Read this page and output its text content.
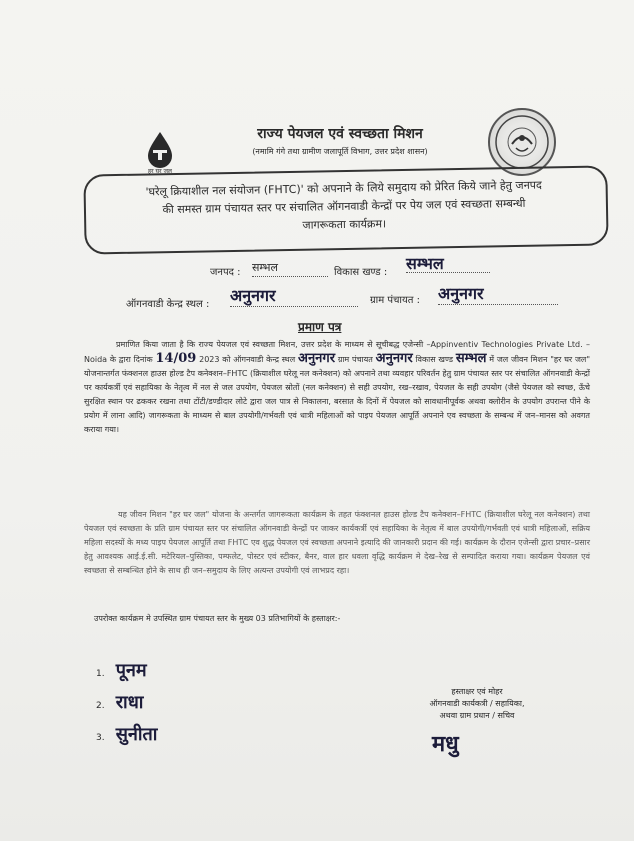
हर घर जल
राज्य पेयजल एवं स्वच्छता मिशन
(नमामि गंगे तथा ग्रामीण जलापूर्ति विभाग, उत्तर प्रदेश शासन)
'घरेलू क्रियाशील नल संयोजन (FHTC)' को अपनाने के लिये समुदाय को प्रेरित किये जाने हेतु जनपद
की समस्त ग्राम पंचायत स्तर पर संचालित ऑगनवाडी केन्द्रों पर पेय जल एवं स्वच्छता सम्बन्धी
जागरूकता कार्यक्रम।
जनपद : सम्भल	विकास खण्ड : सम्भल
ऑगनवाडी केन्द्र स्थल : अनुनगर	ग्राम पंचायत : अनुनगर
प्रमाण पत्र
प्रमाणित किया जाता है कि राज्य पेयजल एवं स्वच्छता मिशन, उत्तर प्रदेश के माध्यम से सूचीबद्ध एजेन्सी –Appinventiv Technologies Private Ltd. – Noida के द्वारा दिनांक 14/09 2023 को ऑगनवाडी केन्द्र स्थल अनुनगर ग्राम पंचायत अनुनगर विकास खण्ड सम्भल में जल जीवन मिशन "हर घर जल" योजनान्तर्गत फंक्शनल हाउस होल्ड टैप कनेक्शन–FHTC (क्रियाशील घरेलू नल कनेक्शन) को अपनाने तथा व्यवहार परिवर्तन हेतु ग्राम पंचायत स्तर पर संचालित ऑगनवाडी केन्द्रों पर कार्यकर्त्री एवं सहायिका के नेतृत्व में नल से जल उपयोग, पेयजल स्रोतों (नल कनेक्शन) से सही उपयोग, रख–रखाव, पेयजल के सही उपयोग (जैसे पेयजल को स्वच्छ, ऊँचे सुरक्षित स्थान पर ढककर रखना तथा टोंटी/डण्डीदार लोटे द्वारा जल पात्र से निकालना, बरसात के दिनों में पेयजल को सावधानीपूर्वक अथवा क्लोरीन के उपयोग उपरान्त पीने के प्रयोग में लाना आदि) जागरूकता के माध्यम से बाल उपयोगी/गर्भवती एवं धात्री महिलाओं को पाइप पेयजल आपूर्ति अपनाने एव स्वच्छता के सम्बन्ध में जन–मानस को अवगत कराया गया।
यह जीवन मिशन "हर घर जल" योजना के अन्तर्गत जागरूकता कार्यक्रम के तहत फंक्शनल हाउस होल्ड टैप कनेक्शन–FHTC (क्रियाशील घरेलू नल कनेक्शन) तथा पेयजल एवं स्वच्छता के प्रति ग्राम पंचायत स्तर पर संचालित ऑगनवाडी केन्द्रों पर जाकर कार्यकर्त्री एवं सहायिका के नेतृत्व में बाल उपयोगी/गर्भवती एवं धात्री महिलाओं, सक्रिय महिला सदस्यों के मध्य पाइप पेयजल आपूर्ति तथा FHTC एव शुद्ध पेयजल एवं स्वच्छता अपनाने इत्यादि की जानकारी प्रदान की गई। कार्यक्रम के दौरान एजेन्सी द्वारा प्रचार–प्रसार हेतु आवश्यक आई.ई.सी. मटेरियल–पुस्तिका, पम्फलेट, पोस्टर एवं स्टीकर, बैनर, वाल हार धवला वृद्धि कार्यक्रम मे देख–रेख से सम्पादित कराया गया। कार्यक्रम पेयजल एवं स्वच्छता से सम्बन्धित होने के साथ ही जन–समुदाय के लिए अत्यन्त उपयोगी एवं लाभप्रद रहा।
उपरोक्त कार्यक्रम मे उपस्थित ग्राम पंचायत स्तर के मुख्य 03 प्रतिभागियों के हस्ताक्षर:-
1. पूनम
2. राधा
3. सुनीता
हस्ताक्षर एवं मोहर
ऑगनवाडी कार्यकत्री / सहायिका,
अथवा ग्राम प्रधान / सचिव
मधु
